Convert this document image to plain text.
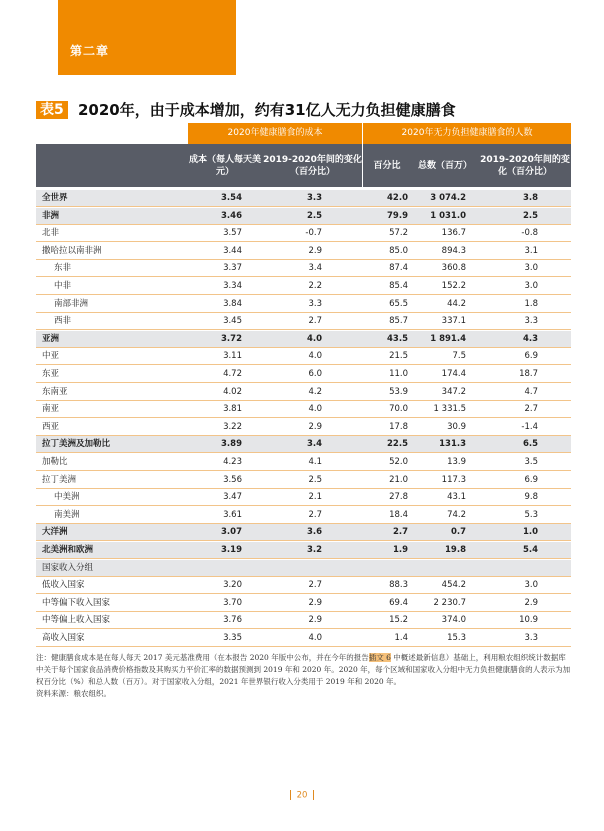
第二章
表5 2020年，由于成本增加，约有31亿人无力负担健康膳食
2020年健康膳食的成本	2020年无力负担健康膳食的人数
成本（每人每天美元）
2019-2020年间的变化（百分比）
百分比	总数（百万）
2019-2020年间的变化（百分比）
全世界	3.54	3.3	42.0	3 074.2	3.8
非洲	3.46	2.5	79.9	1 031.0	2.5
北非	3.57	-0.7	57.2	136.7	-0.8
撒哈拉以南非洲	3.44	2.9	85.0	894.3	3.1
东非	3.37	3.4	87.4	360.8	3.0
中非	3.34	2.2	85.4	152.2	3.0
南部非洲	3.84	3.3	65.5	44.2	1.8
西非	3.45	2.7	85.7	337.1	3.3
亚洲	3.72	4.0	43.5	1 891.4	4.3
中亚	3.11	4.0	21.5	7.5	6.9
东亚	4.72	6.0	11.0	174.4	18.7
东南亚	4.02	4.2	53.9	347.2	4.7
南亚	3.81	4.0	70.0	1 331.5	2.7
西亚	3.22	2.9	17.8	30.9	-1.4
拉丁美洲及加勒比	3.89	3.4	22.5	131.3	6.5
加勒比	4.23	4.1	52.0	13.9	3.5
拉丁美洲	3.56	2.5	21.0	117.3	6.9
中美洲	3.47	2.1	27.8	43.1	9.8
南美洲	3.61	2.7	18.4	74.2	5.3
大洋洲	3.07	3.6	2.7	0.7	1.0
北美洲和欧洲	3.19	3.2	1.9	19.8	5.4
国家收入分组
低收入国家	3.20	2.7	88.3	454.2	3.0
中等偏下收入国家	3.70	2.9	69.4	2 230.7	2.9
中等偏上收入国家	3.76	2.9	15.2	374.0	10.9
高收入国家	3.35	4.0	1.4	15.3	3.3

注：健康膳食成本是在每人每天 2017 美元基准费用（在本报告 2020 年版中公布，并在今年的报告插文 6 中概述最新信息）基础上，利用粮农组织统计数据库中关于每个国家食品消费价格指数及其购买力平价汇率的数据预测到 2019 年和 2020 年。2020 年，每个区域和国家收入分组中无力负担健康膳食的人表示为加权百分比（%）和总人数（百万）。对于国家收入分组，2021 年世界银行收入分类用于 2019 年和 2020 年。

资料来源：粮农组织。

20
